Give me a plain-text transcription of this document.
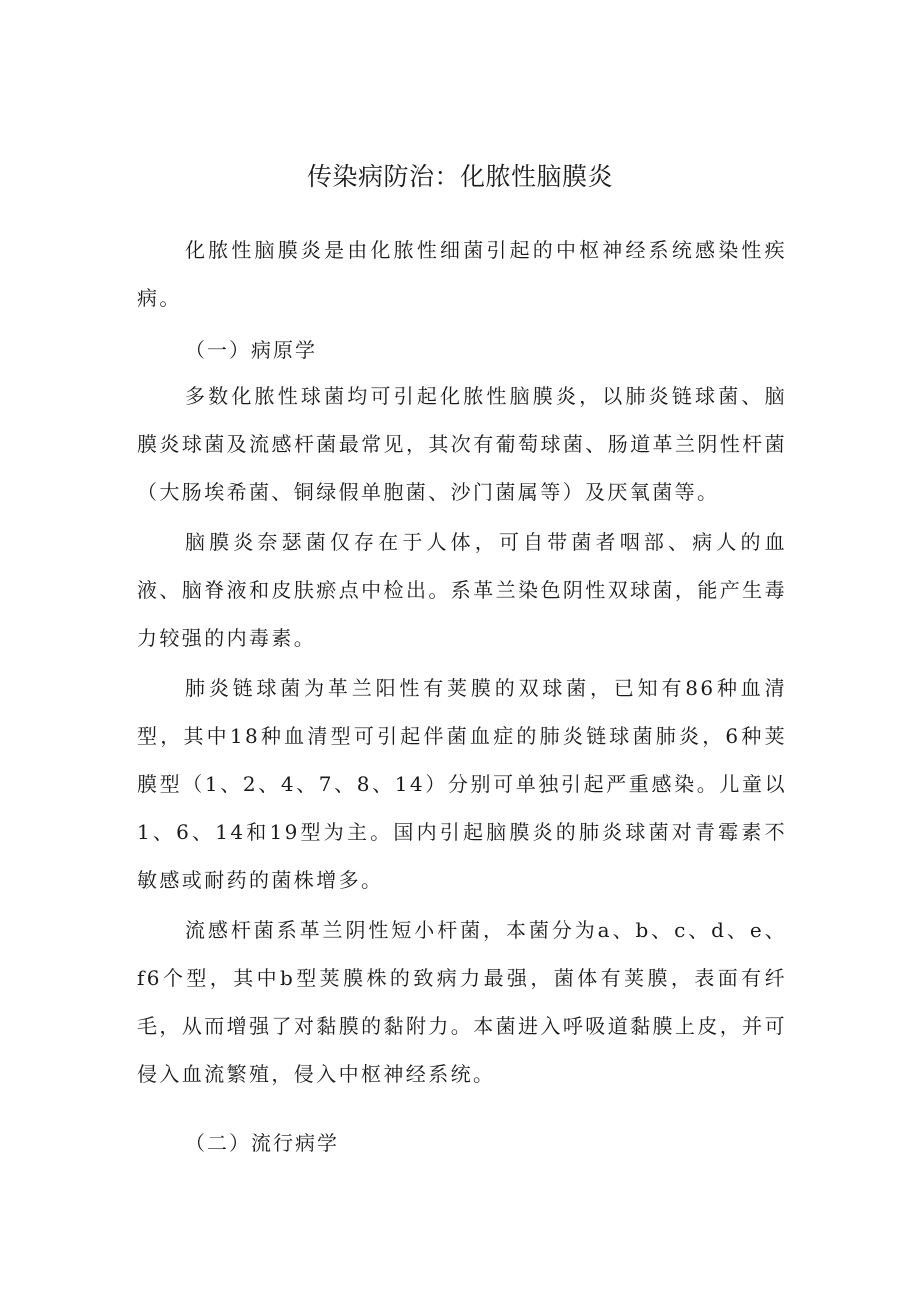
传染病防治：化脓性脑膜炎

化脓性脑膜炎是由化脓性细菌引起的中枢神经系统感染性疾病。

（一）病原学

多数化脓性球菌均可引起化脓性脑膜炎，以肺炎链球菌、脑膜炎球菌及流感杆菌最常见，其次有葡萄球菌、肠道革兰阴性杆菌（大肠埃希菌、铜绿假单胞菌、沙门菌属等）及厌氧菌等。

脑膜炎奈瑟菌仅存在于人体，可自带菌者咽部、病人的血液、脑脊液和皮肤瘀点中检出。系革兰染色阴性双球菌，能产生毒力较强的内毒素。

肺炎链球菌为革兰阳性有荚膜的双球菌，已知有86种血清型，其中18种血清型可引起伴菌血症的肺炎链球菌肺炎，6种荚膜型（1、2、4、7、8、14）分别可单独引起严重感染。儿童以1、6、14和19型为主。国内引起脑膜炎的肺炎球菌对青霉素不敏感或耐药的菌株增多。

流感杆菌系革兰阴性短小杆菌，本菌分为a、b、c、d、e、f6个型，其中b型荚膜株的致病力最强，菌体有荚膜，表面有纤毛，从而增强了对黏膜的黏附力。本菌进入呼吸道黏膜上皮，并可侵入血流繁殖，侵入中枢神经系统。

（二）流行病学
